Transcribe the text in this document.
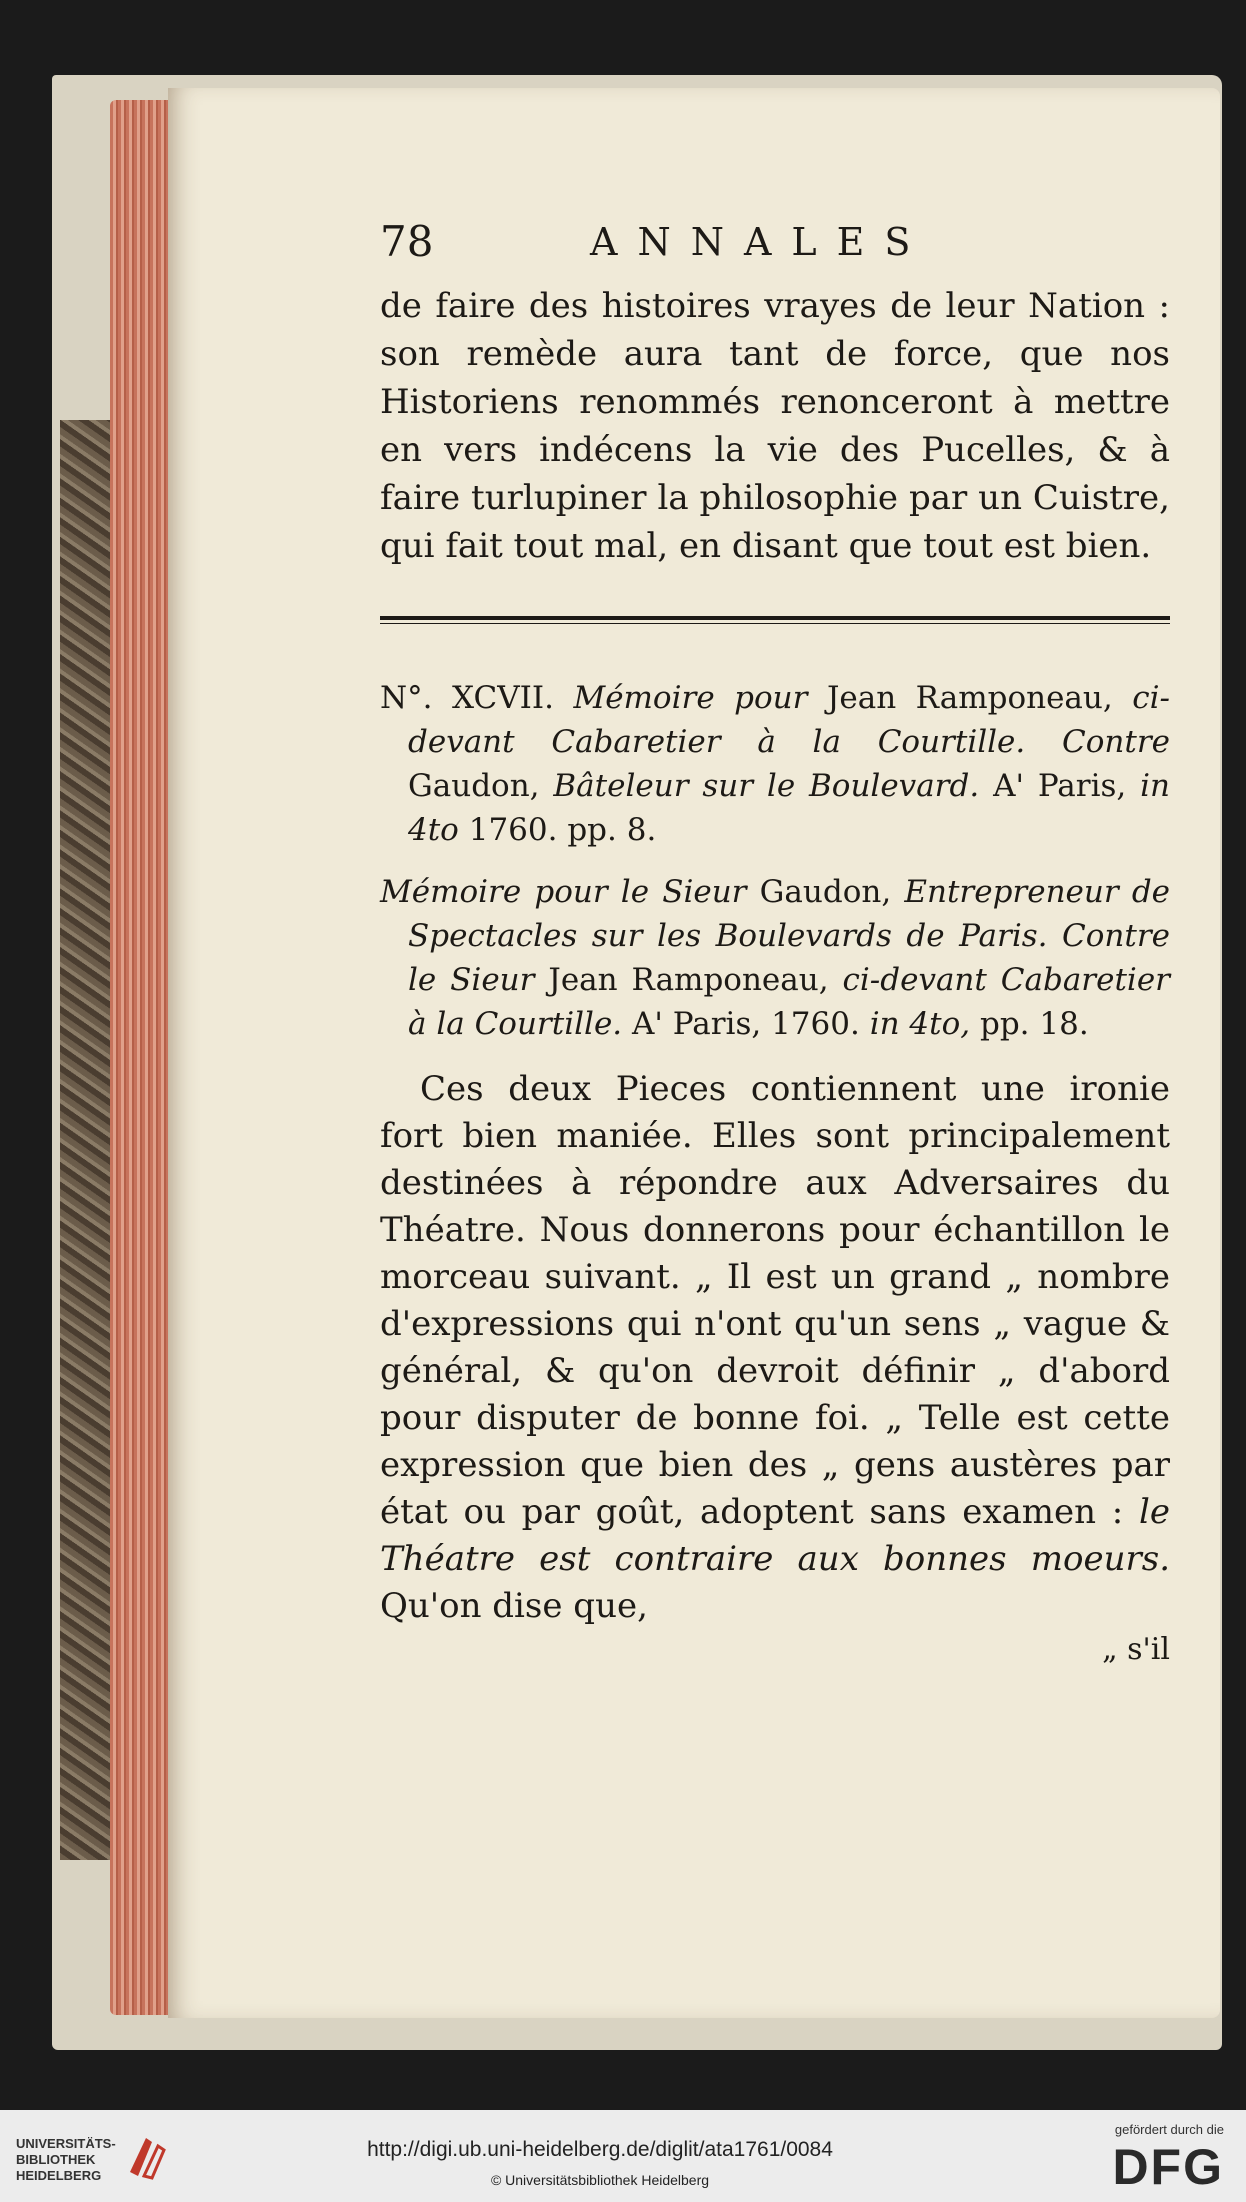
78	ANNALES

de faire des histoires vrayes de leur Nation : son remède aura tant de force, que nos Historiens renommés renonceront à mettre en vers indécens la vie des Pucelles, & à faire turlupiner la philosophie par un Cuistre, qui fait tout mal, en disant que tout est bien.

N°. XCVII. Mémoire pour Jean Ramponeau, ci-devant Cabaretier à la Courtille. Contre Gaudon, Bâteleur sur le Boulevard. A' Paris, in 4to 1760. pp. 8.

Mémoire pour le Sieur Gaudon, Entrepreneur de Spectacles sur les Boulevards de Paris. Contre le Sieur Jean Ramponeau, ci-devant Cabaretier à la Courtille. A' Paris, 1760. in 4to, pp. 18.

Ces deux Pieces contiennent une ironie fort bien maniée. Elles sont principalement destinées à répondre aux Adversaires du Théatre. Nous donnerons pour échantillon le morceau suivant. „ Il est un grand „ nombre d'expressions qui n'ont qu'un sens „ vague & général, & qu'on devroit définir „ d'abord pour disputer de bonne foi. „ Telle est cette expression que bien des „ gens austères par état ou par goût, adoptent sans examen : le Théatre est contraire aux bonnes moeurs. Qu'on dise que,

„ s'il

UNIVERSITÄTS-
BIBLIOTHEK
HEIDELBERG
http://digi.ub.uni-heidelberg.de/diglit/ata1761/0084
© Universitätsbibliothek Heidelberg
gefördert durch die
DFG
